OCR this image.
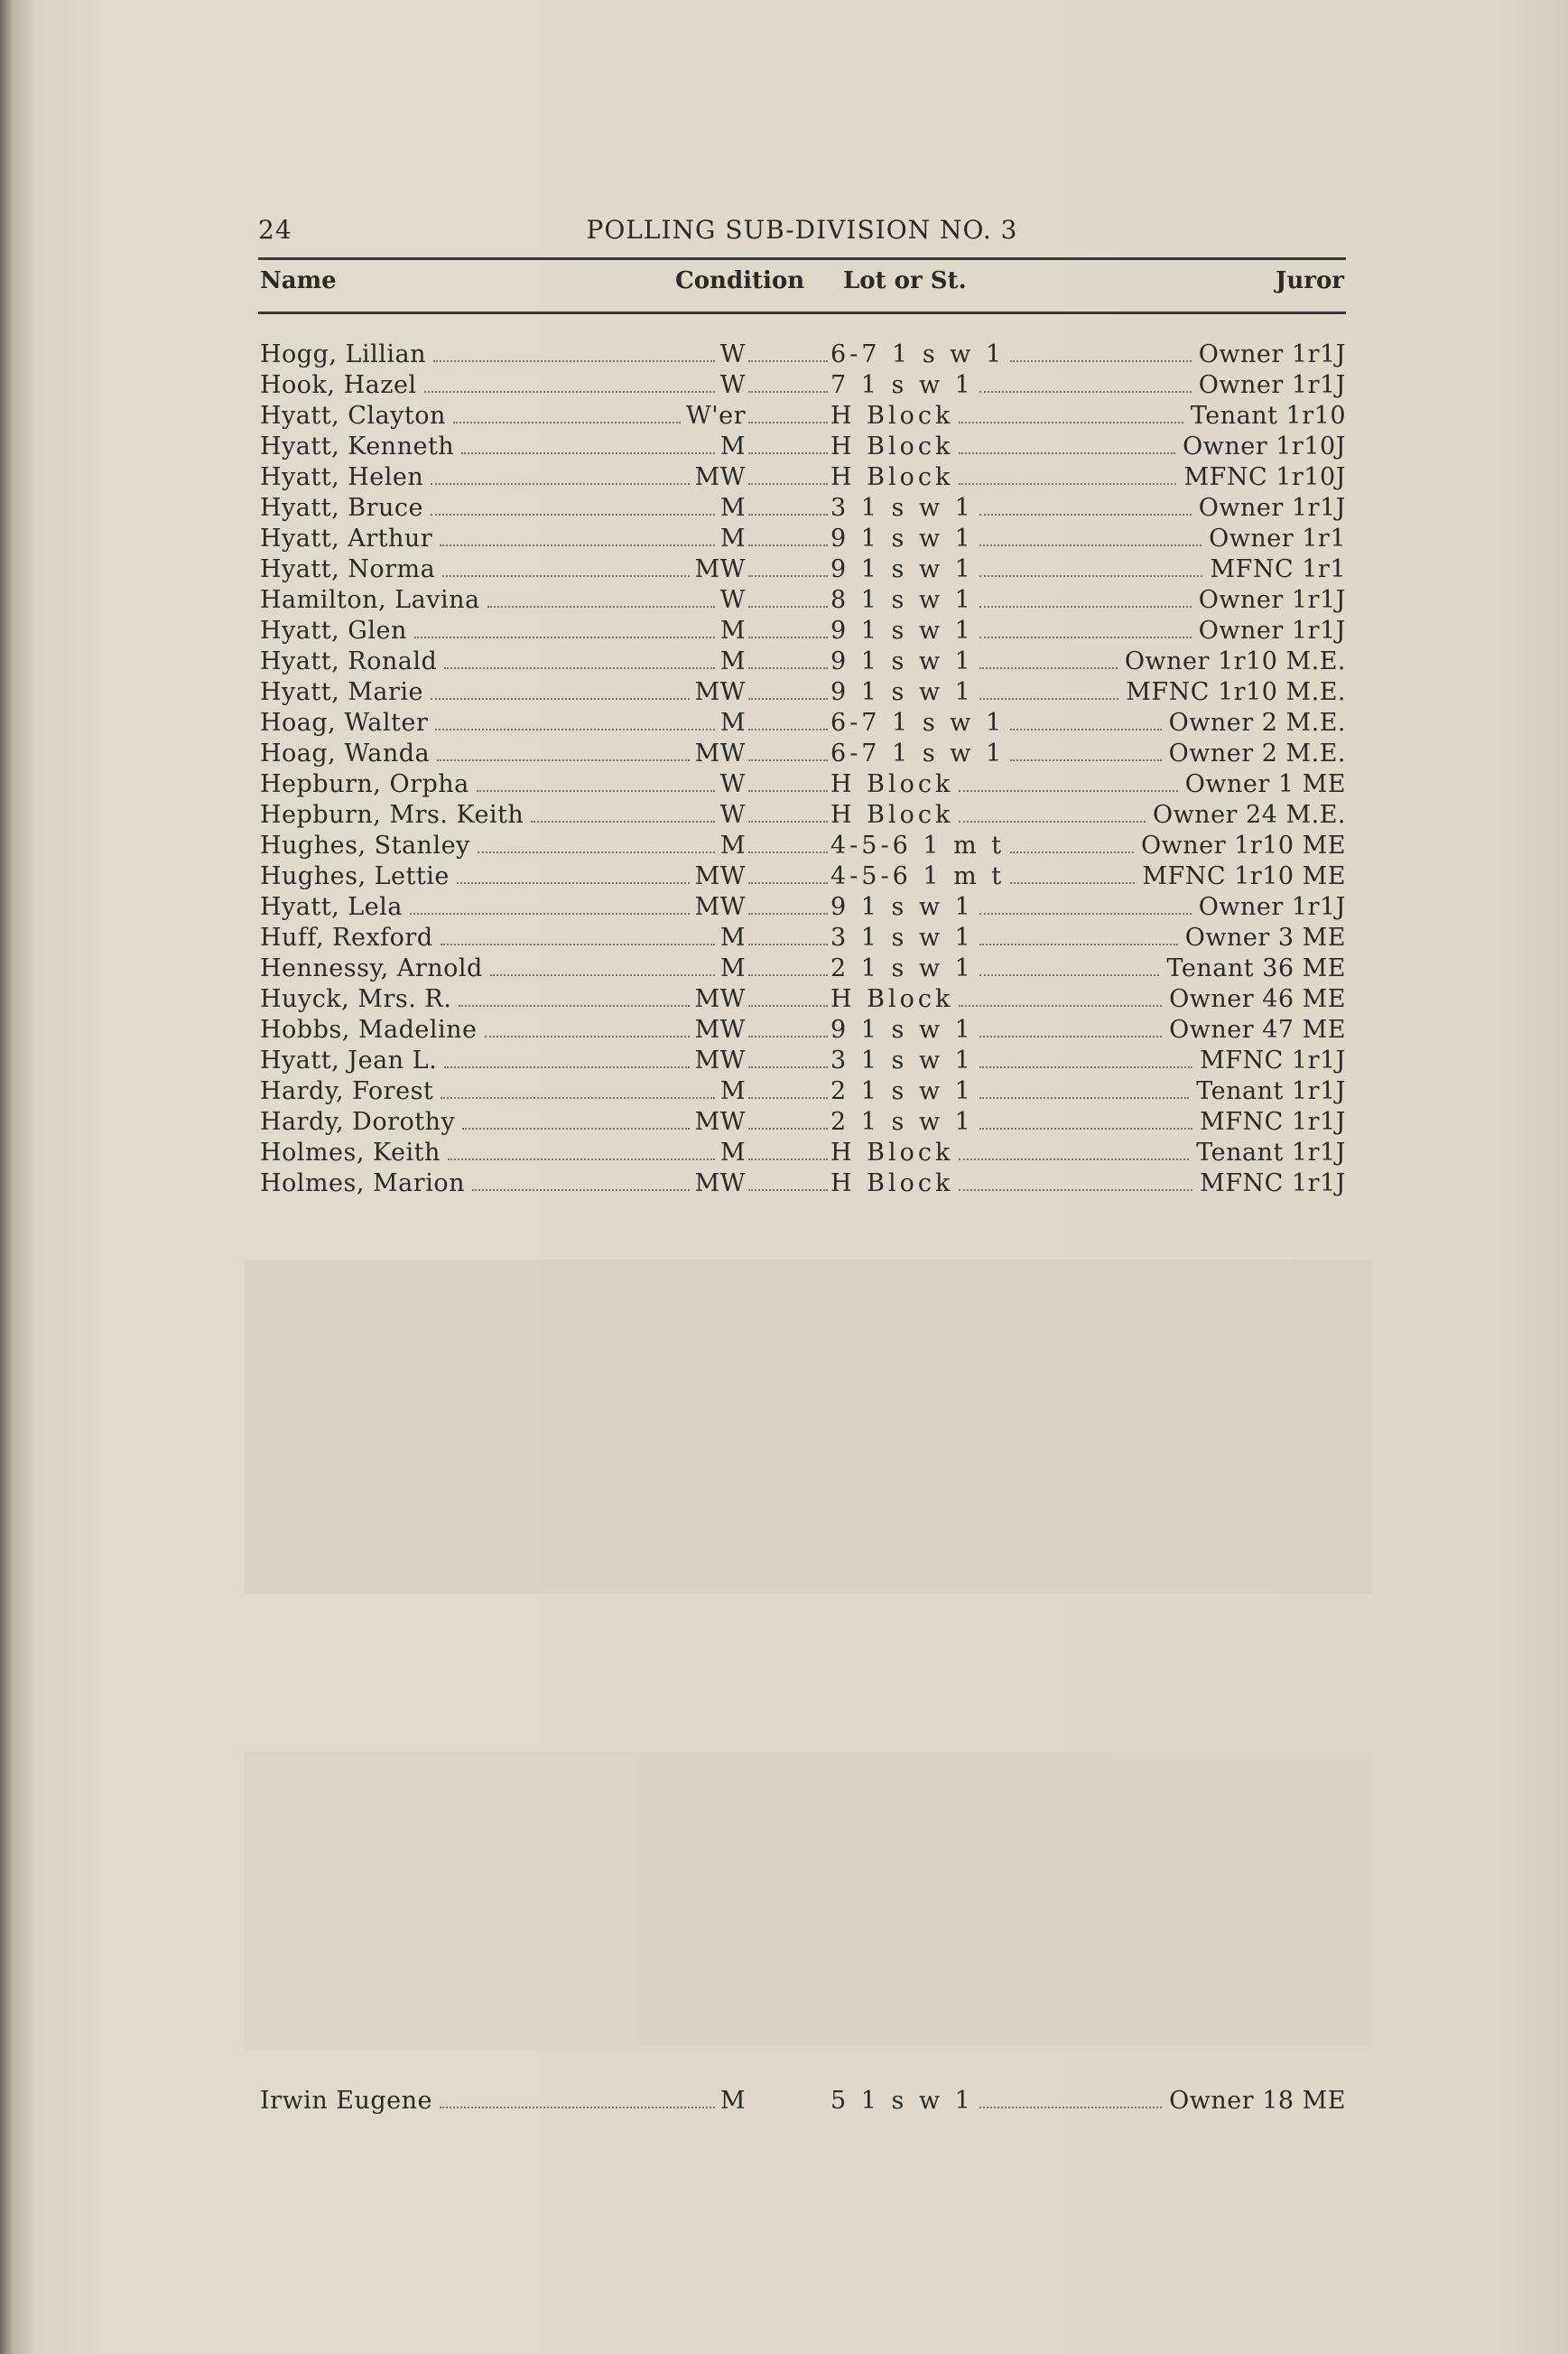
24	POLLING SUB-DIVISION NO. 3
Name	Condition Lot or St.	Juror
Hogg, Lillian	W	6-7 1 s w 1	Owner 1r1J
Hook, Hazel	W	7 1 s w 1	Owner 1r1J
Hyatt, Clayton	W'er	H Block	Tenant 1r10
Hyatt, Kenneth	M	H Block	Owner 1r10J
Hyatt, Helen	MW	H Block	MFNC 1r10J
Hyatt, Bruce	M	3 1 s w 1	Owner 1r1J
Hyatt, Arthur	M	9 1 s w 1	Owner 1r1
Hyatt, Norma	MW	9 1 s w 1	MFNC 1r1
Hamilton, Lavina	W	8 1 s w 1	Owner 1r1J
Hyatt, Glen	M	9 1 s w 1	Owner 1r1J
Hyatt, Ronald	M	9 1 s w 1	Owner 1r10 M.E.
Hyatt, Marie	MW	9 1 s w 1	MFNC 1r10 M.E.
Hoag, Walter	M	6-7 1 s w 1	Owner 2 M.E.
Hoag, Wanda	MW	6-7 1 s w 1	Owner 2 M.E.
Hepburn, Orpha	W	H Block	Owner 1 ME
Hepburn, Mrs. Keith	W	H Block	Owner 24 M.E.
Hughes, Stanley	M	4-5-6 1 m t	Owner 1r10 ME
Hughes, Lettie	MW	4-5-6 1 m t	MFNC 1r10 ME
Hyatt, Lela	MW	9 1 s w 1	Owner 1r1J
Huff, Rexford	M	3 1 s w 1	Owner 3 ME
Hennessy, Arnold	M	2 1 s w 1	Tenant 36 ME
Huyck, Mrs. R.	MW	H Block	Owner 46 ME
Hobbs, Madeline	MW	9 1 s w 1	Owner 47 ME
Hyatt, Jean L.	MW	3 1 s w 1	MFNC 1r1J
Hardy, Forest	M	2 1 s w 1	Tenant 1r1J
Hardy, Dorothy	MW	2 1 s w 1	MFNC 1r1J
Holmes, Keith	M	H Block	Tenant 1r1J
Holmes, Marion	MW	H Block	MFNC 1r1J
Irwin Eugene	M	5 1 s w 1	Owner 18 ME
